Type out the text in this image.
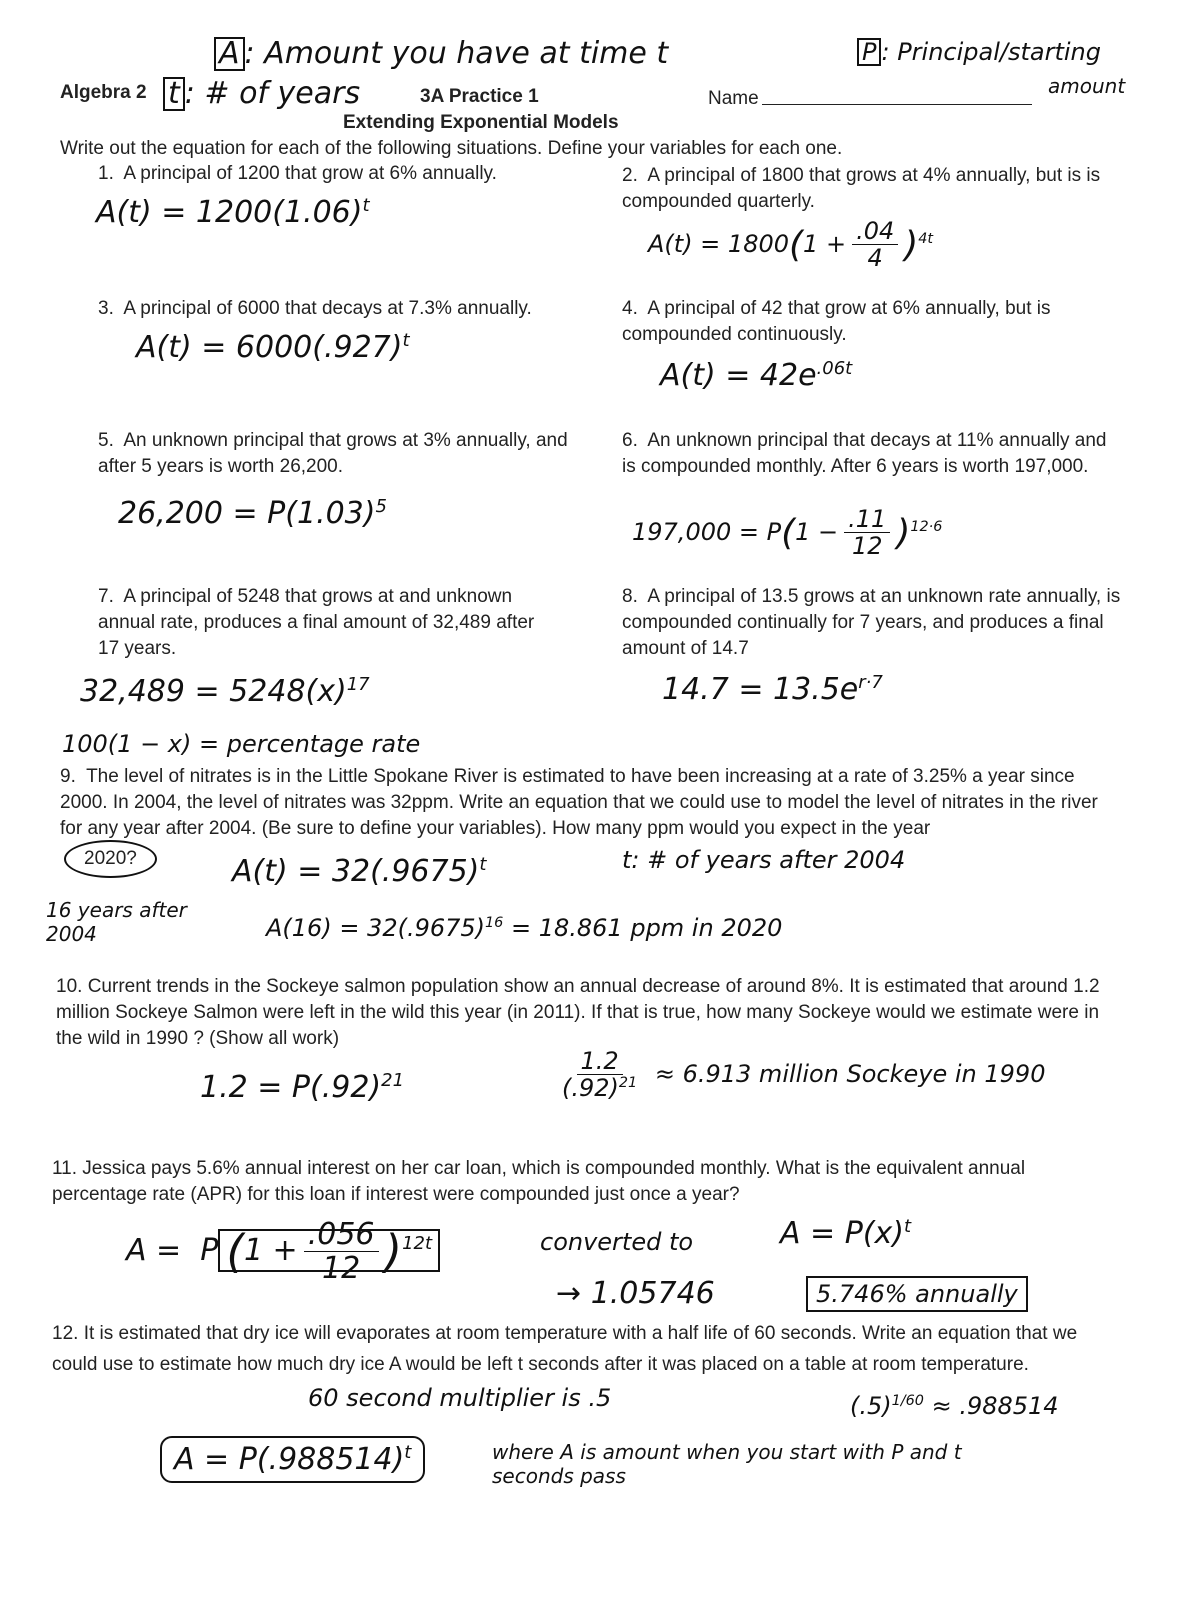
A : Amount you have at time t	P : Principal/starting
amount
t : # of years
Algebra 2	3A Practice 1
Extending Exponential Models
Name
Write out the equation for each of the following situations. Define your variables for each one.
1. A principal of 1200 that grow at 6% annually.
$A(t) = 1200(1.06)^t$
2. A principal of 1800 that grows at 4% annually, but is is compounded quarterly.
$A(t) = 1800(1 + \frac{.04}{4} )^{4t}$
3. A principal of 6000 that decays at 7.3% annually.
$A(t) = 6000(.927)^t$
4. A principal of 42 that grow at 6% annually, but is compounded continuously.
$A(t) = 42e^{.06t}$
5. An unknown principal that grows at 3% annually, and after 5 years is worth 26,200.
$26,200 = P(1.03)^5$
6. An unknown principal that decays at 11% annually and is compounded monthly. After 6 years is worth 197,000.
$197,000 = P(1 - \frac{.11}{12} )^{12\cdot 6}$
7. A principal of 5248 that grows at and unknown annual rate, produces a final amount of 32,489 after 17 years.
$32,489 = 5248(x)^{17}$
100(1 − x) = percentage rate
8. A principal of 13.5 grows at an unknown rate annually, is compounded continually for 7 years, and produces a final amount of 14.7
$14.7 = 13.5e^{r\cdot 7}$
9. The level of nitrates is in the Little Spokane River is estimated to have been increasing at a rate of 3.25% a year since 2000. In 2004, the level of nitrates was 32ppm. Write an equation that we could use to model the level of nitrates in the river for any year after 2004. (Be sure to define your variables). How many ppm would you expect in the year
2020?
16 years after 2004
$A(t) = 32(.9675)^t$	t: # of years after 2004
$A(16) = 32(.9675)^{16} = 18.861$ ppm in 2020
10. Current trends in the Sockeye salmon population show an annual decrease of around 8%. It is estimated that around 1.2 million Sockeye Salmon were left in the wild this year (in 2011). If that is true, how many Sockeye would we estimate were in the wild in 1990 ? (Show all work)
$1.2 = P(.92)^{21}$	$\frac{1.2}{(.92)^{21}} \approx 6.913$ million Sockeye in 1990
11. Jessica pays 5.6% annual interest on her car loan, which is compounded monthly. What is the equivalent annual percentage rate (APR) for this loan if interest were compounded just once a year?
A = P $(1 + \frac{.056}{12} )^{12t}$	converted to	$A = P(x)^t$
→ 1.05746	5.746% annually
12. It is estimated that dry ice will evaporates at room temperature with a half life of 60 seconds. Write an equation that we could use to estimate how much dry ice A would be left t seconds after it was placed on a table at room temperature.
60 second multiplier is .5	$(.5)^{1/60} \approx .988514$
$A = P(.988514)^t$	where A is amount when you start with P and t seconds pass
